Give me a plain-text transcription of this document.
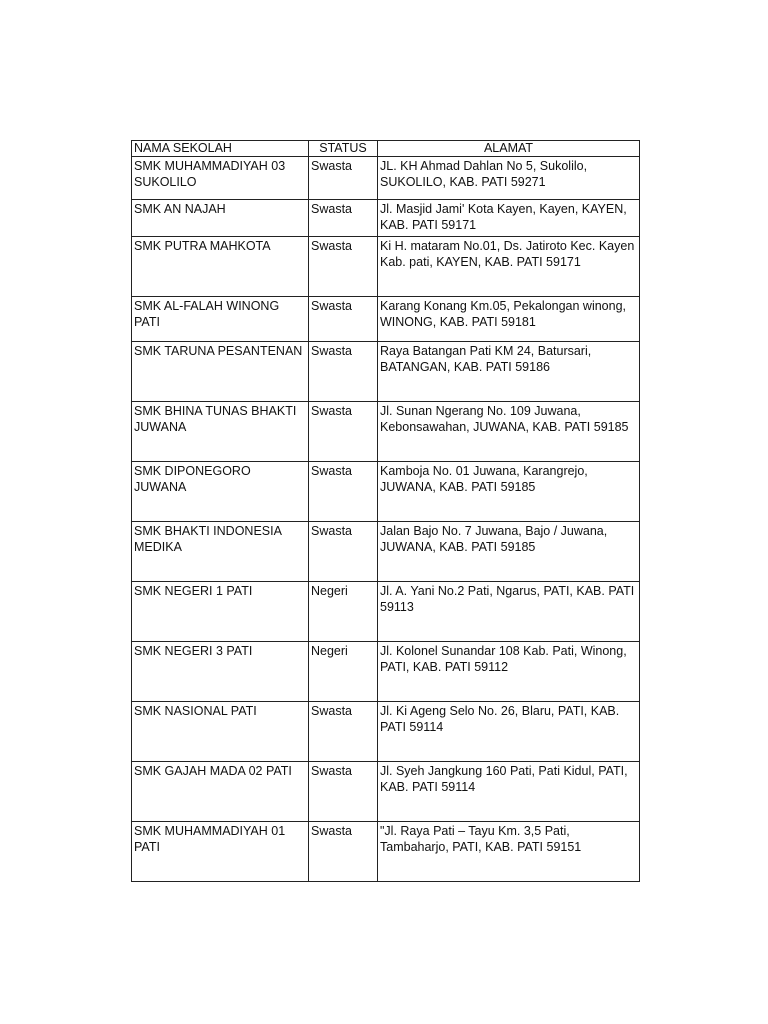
NAMA SEKOLAH	STATUS	ALAMAT
SMK MUHAMMADIYAH 03 SUKOLILO	Swasta	JL. KH Ahmad Dahlan No 5, Sukolilo, SUKOLILO, KAB. PATI 59271
SMK AN NAJAH	Swasta	Jl. Masjid Jami' Kota Kayen, Kayen, KAYEN, KAB. PATI 59171
SMK PUTRA MAHKOTA	Swasta	Ki H. mataram No.01, Ds. Jatiroto Kec. Kayen Kab. pati, KAYEN, KAB. PATI 59171
SMK AL-FALAH WINONG PATI	Swasta	Karang Konang Km.05, Pekalongan winong, WINONG, KAB. PATI 59181
SMK TARUNA PESANTENAN	Swasta	Raya Batangan Pati KM 24, Batursari, BATANGAN, KAB. PATI 59186
SMK BHINA TUNAS BHAKTI JUWANA	Swasta	Jl. Sunan Ngerang No. 109 Juwana, Kebonsawahan, JUWANA, KAB. PATI 59185
SMK DIPONEGORO JUWANA	Swasta	Kamboja No. 01 Juwana, Karangrejo, JUWANA, KAB. PATI 59185
SMK BHAKTI INDONESIA MEDIKA	Swasta	Jalan Bajo No. 7 Juwana, Bajo / Juwana, JUWANA, KAB. PATI 59185
SMK NEGERI 1 PATI	Negeri	Jl. A. Yani No.2 Pati, Ngarus, PATI, KAB. PATI 59113
SMK NEGERI 3 PATI	Negeri	Jl. Kolonel Sunandar 108 Kab. Pati, Winong, PATI, KAB. PATI 59112
SMK NASIONAL PATI	Swasta	Jl. Ki Ageng Selo No. 26, Blaru, PATI, KAB. PATI 59114
SMK GAJAH MADA 02 PATI	Swasta	Jl. Syeh Jangkung 160 Pati, Pati Kidul, PATI, KAB. PATI 59114
SMK MUHAMMADIYAH 01 PATI	Swasta	"Jl. Raya Pati – Tayu Km. 3,5 Pati, Tambaharjo, PATI, KAB. PATI 59151
